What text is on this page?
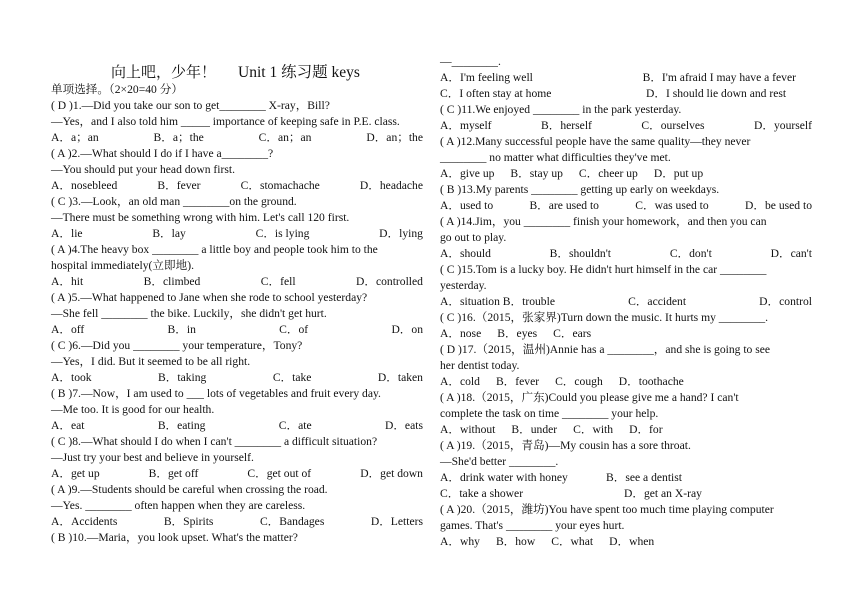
向上吧，少年！ Unit 1 练习题 keys
单项选择。（2×20=40 分）
( D )1.—Did you take our son to get________ X-ray，Bill?
—Yes，and I also told him _____ importance of keeping safe in P.E. class.
A．a；an	B．a；the	C．an；an	D．an；the
( A )2.—What should I do if I have a________?
—You should put your head down first.
A．nosebleed	B．fever	C．stomachache	D．headache
( C )3.—Look，an old man ________on the ground.
—There must be something wrong with him. Let's call 120 first.
A．lie	B．lay	C．is lying	D．lying
( A )4.The heavy box ________ a little boy and people took him to the
hospital immediately(立即地).
A．hit	B．climbed	C．fell	D．controlled
( A )5.—What happened to Jane when she rode to school yesterday?
—She fell ________ the bike. Luckily，she didn't get hurt.
A．off	B．in	C．of	D．on
( C )6.—Did you ________ your temperature，Tony?
—Yes，I did. But it seemed to be all right.
A．took	B．taking	C．take	D．taken
( B )7.—Now，I am used to ___ lots of vegetables and fruit every day.
—Me too. It is good for our health.
A．eat	B．eating	C．ate	D．eats
( C )8.—What should I do when I can't ________ a difficult situation?
—Just try your best and believe in yourself.
A．get up	B．get off	C．get out of	D．get down
( A )9.—Students should be careful when crossing the road.
—Yes. ________ often happen when they are careless.
A．Accidents	B．Spirits	C．Bandages	D．Letters
( B )10.—Maria，you look upset. What's the matter?
—________.
A．I'm feeling well	B．I'm afraid I may have a fever
C．I often stay at home	D．I should lie down and rest
( C )11.We enjoyed ________ in the park yesterday.
A．myself	B．herself	C．ourselves	D．yourself
( A )12.Many successful people have the same quality—they never
________ no matter what difficulties they've met.
A．give up B．stay up C．cheer up D．put up
( B )13.My parents ________ getting up early on weekdays.
A．used to	B．are used to	C．was used to	D．be used to
( A )14.Jim，you ________ finish your homework，and then you can
go out to play.
A．should	B．shouldn't	C．don't	D．can't
( C )15.Tom is a lucky boy. He didn't hurt himself in the car ________
yesterday.
A．situation B．trouble	C．accident	D．control
( C )16.（2015，张家界)Turn down the music. It hurts my ________.
A．nose B．eyes C．ears
( D )17.（2015，温州)Annie has a ________，and she is going to see
her dentist today.
A．cold B．fever C．cough D．toothache
( A )18.（2015，广东)Could you please give me a hand? I can't
complete the task on time ________ your help.
A．without B．under C．with D．for
( A )19.（2015，青岛)—My cousin has a sore throat.
—She'd better ________.
A．drink water with honey	B．see a dentist
C．take a shower	D．get an X-ray
( A )20.（2015，潍坊)You have spent too much time playing computer
games. That's ________ your eyes hurt.
A．why B．how C．what D．when
